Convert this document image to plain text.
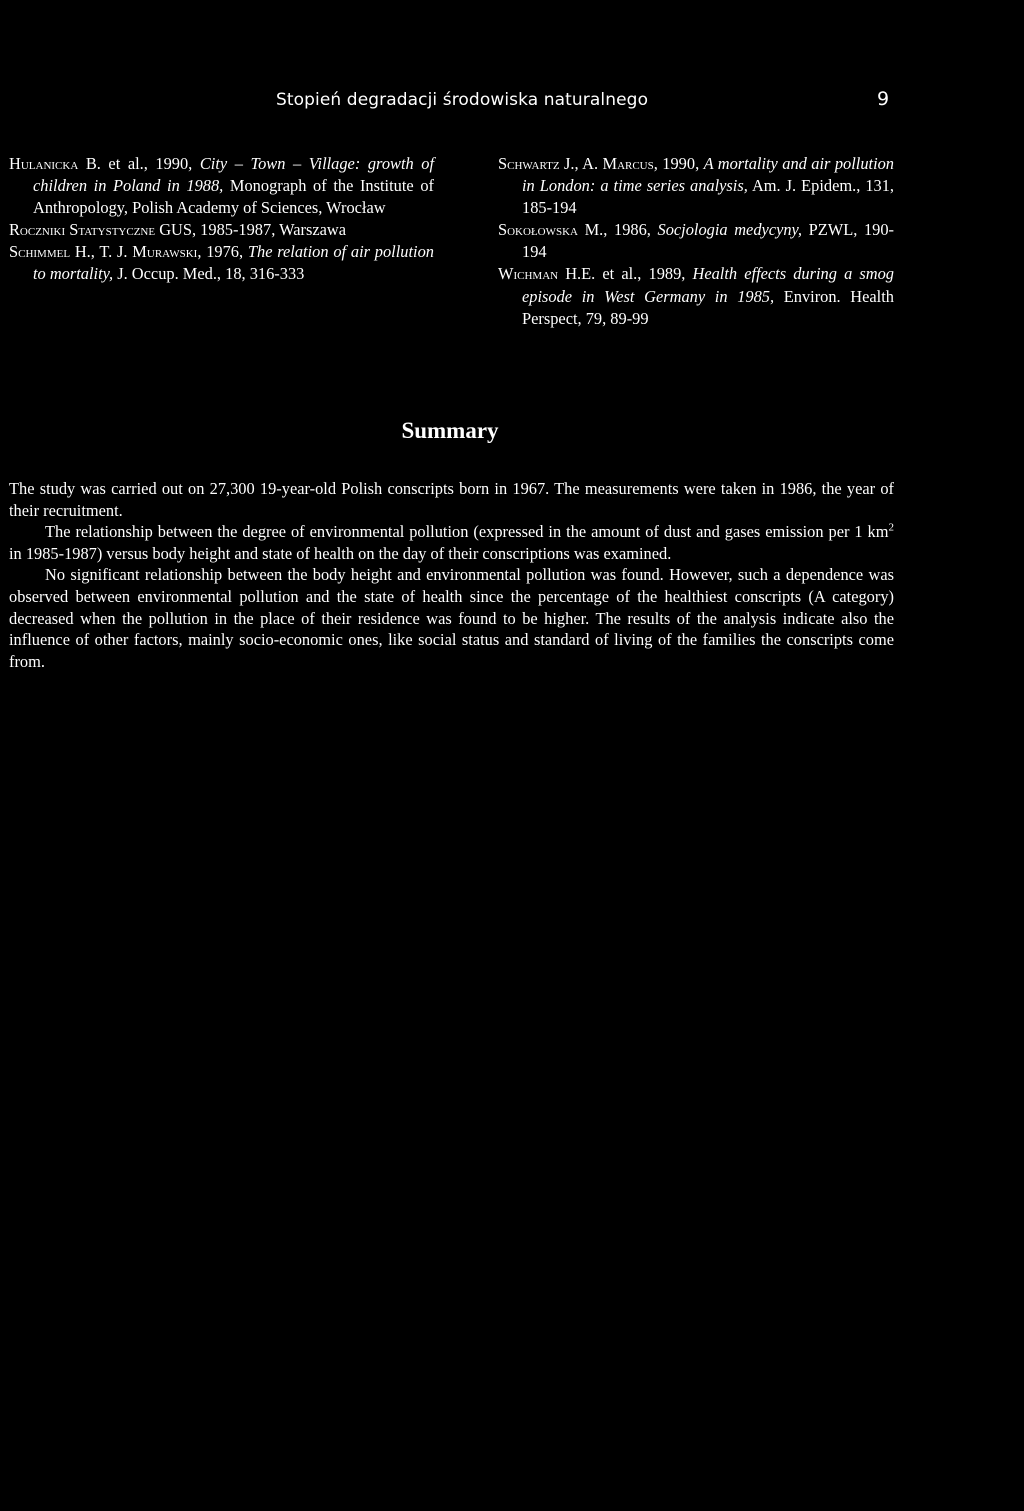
Stopień degradacji środowiska naturalnego	9

Hulanicka B. et al., 1990, City – Town – Village: growth of children in Poland in 1988, Monograph of the Institute of Anthropology, Polish Academy of Sciences, Wrocław

Roczniki Statystyczne GUS, 1985-1987, Warszawa

Schimmel H., T. J. Murawski, 1976, The relation of air pollution to mortality, J. Occup. Med., 18, 316-333

Schwartz J., A. Marcus, 1990, A mortality and air pollution in London: a time series analysis, Am. J. Epidem., 131, 185-194

Sokołowska M., 1986, Socjologia medycyny, PZWL, 190-194

Wichman H.E. et al., 1989, Health effects during a smog episode in West Germany in 1985, Environ. Health Perspect, 79, 89-99

Summary

The study was carried out on 27,300 19-year-old Polish conscripts born in 1967. The measurements were taken in 1986, the year of their recruitment.

The relationship between the degree of environmental pollution (expressed in the amount of dust and gases emission per 1 $km^2$ in 1985-1987) versus body height and state of health on the day of their conscriptions was examined.

No significant relationship between the body height and environmental pollution was found. However, such a dependence was observed between environmental pollution and the state of health since the percentage of the healthiest conscripts (A category) decreased when the pollution in the place of their residence was found to be higher. The results of the analysis indicate also the influence of other factors, mainly socio-economic ones, like social status and standard of living of the families the conscripts come from.
